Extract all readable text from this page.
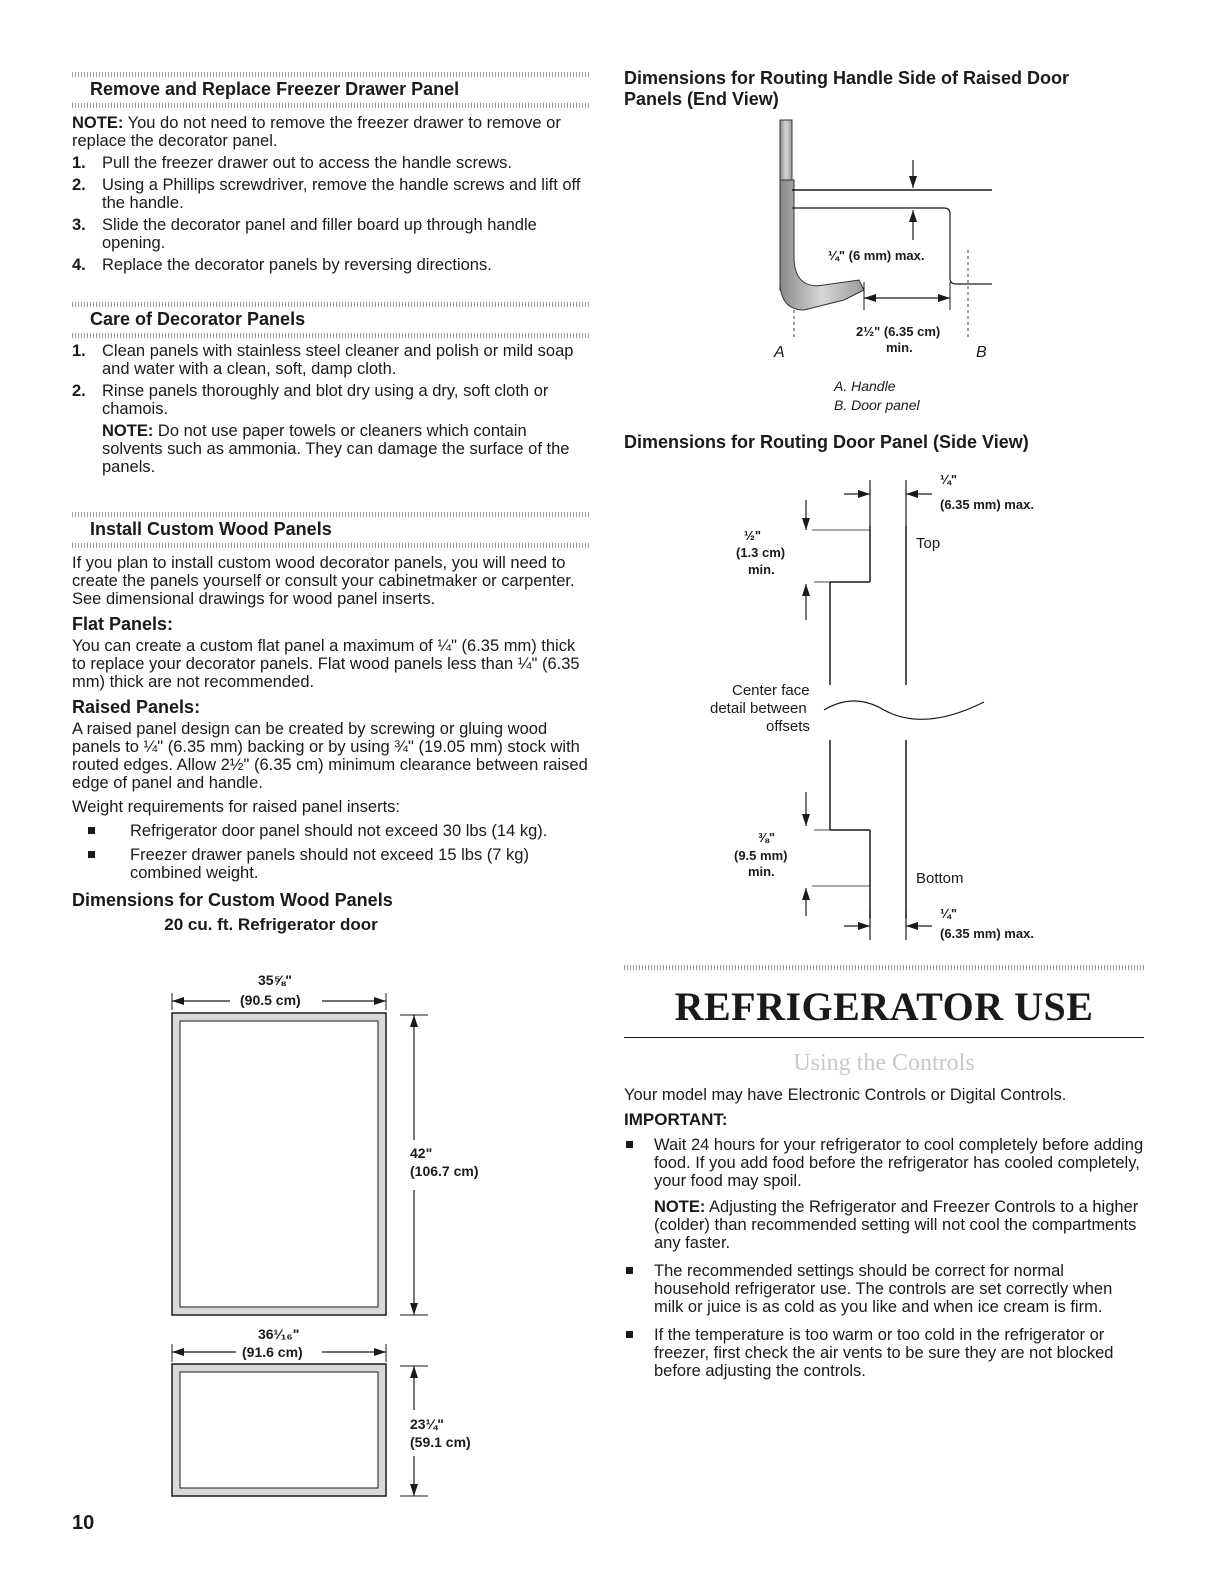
Remove and Replace Freezer Drawer Panel

NOTE: You do not need to remove the freezer drawer to remove or replace the decorator panel.

1. Pull the freezer drawer out to access the handle screws.
2. Using a Phillips screwdriver, remove the handle screws and lift off the handle.
3. Slide the decorator panel and filler board up through handle opening.
4. Replace the decorator panels by reversing directions.
Care of Decorator Panels
1. Clean panels with stainless steel cleaner and polish or mild soap and water with a clean, soft, damp cloth.
2. Rinse panels thoroughly and blot dry using a dry, soft cloth or chamois.
NOTE: Do not use paper towels or cleaners which contain solvents such as ammonia. They can damage the surface of the panels.
Install Custom Wood Panels

If you plan to install custom wood decorator panels, you will need to create the panels yourself or consult your cabinetmaker or carpenter. See dimensional drawings for wood panel inserts.

Flat Panels:

You can create a custom flat panel a maximum of ¼" (6.35 mm) thick to replace your decorator panels. Flat wood panels less than ¼" (6.35 mm) thick are not recommended.

Raised Panels:

A raised panel design can be created by screwing or gluing wood panels to ¼" (6.35 mm) backing or by using ¾" (19.05 mm) stock with routed edges. Allow 2½" (6.35 cm) minimum clearance between raised edge of panel and handle.

Weight requirements for raised panel inserts:

Refrigerator door panel should not exceed 30 lbs (14 kg).
Freezer drawer panels should not exceed 15 lbs (7 kg) combined weight.
Dimensions for Custom Wood Panels
20 cu. ft. Refrigerator door
35⅝"
(90.5 cm)
42"
(106.7 cm)
36¹⁄₁₆"
(91.6 cm)
23¼"
(59.1 cm)
Dimensions for Routing Handle Side of Raised Door Panels (End View)
¼" (6 mm) max.
2½" (6.35 cm)
min.
A	B
A. Handle
B. Door panel
Dimensions for Routing Door Panel (Side View)
¼"
(6.35 mm) max.
½"
(1.3 cm)
min.
Top
Center face
detail between
offsets
⅜"
(9.5 mm)
min.	Bottom
¼"
(6.35 mm) max.
REFRIGERATOR USE
Using the Controls

Your model may have Electronic Controls or Digital Controls.

IMPORTANT:
Wait 24 hours for your refrigerator to cool completely before adding food. If you add food before the refrigerator has cooled completely, your food may spoil.
NOTE: Adjusting the Refrigerator and Freezer Controls to a higher (colder) than recommended setting will not cool the compartments any faster.
The recommended settings should be correct for normal household refrigerator use. The controls are set correctly when milk or juice is as cold as you like and when ice cream is firm.
If the temperature is too warm or too cold in the refrigerator or freezer, first check the air vents to be sure they are not blocked before adjusting the controls.
10
